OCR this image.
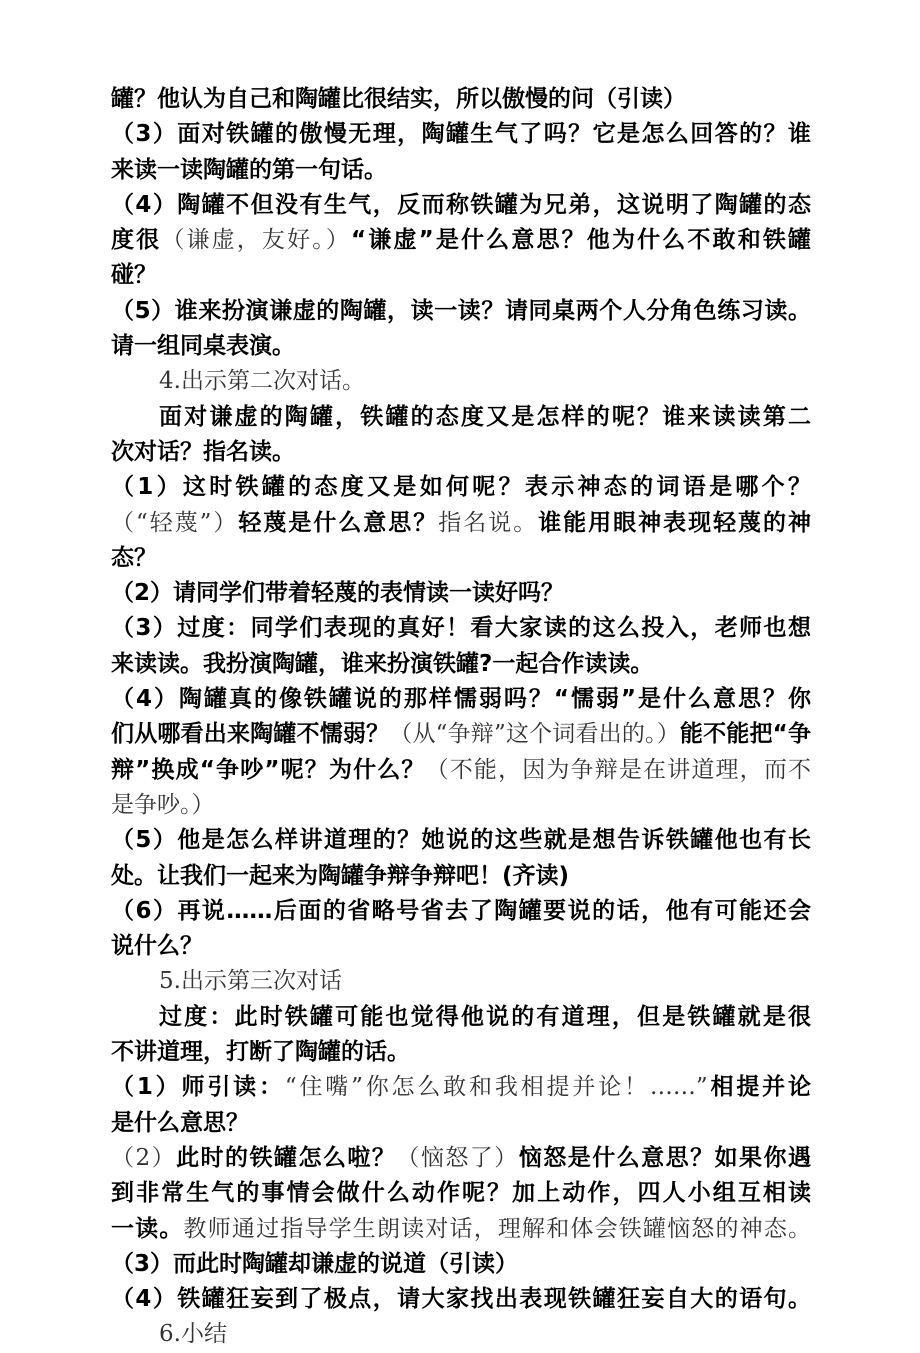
罐？他认为自己和陶罐比很结实，所以傲慢的问（引读）
（3）面对铁罐的傲慢无理，陶罐生气了吗？它是怎么回答的？谁
来读一读陶罐的第一句话。
（4）陶罐不但没有生气，反而称铁罐为兄弟，这说明了陶罐的态
度很（谦虚，友好。）“谦虚”是什么意思？他为什么不敢和铁罐
碰？
（5）谁来扮演谦虚的陶罐，读一读？请同桌两个人分角色练习读。
请一组同桌表演。
4.出示第二次对话。
面对谦虚的陶罐，铁罐的态度又是怎样的呢？谁来读读第二
次对话？指名读。
（1）这时铁罐的态度又是如何呢？表示神态的词语是哪个？
（“轻蔑”）轻蔑是什么意思？指名说。谁能用眼神表现轻蔑的神
态？
（2）请同学们带着轻蔑的表情读一读好吗？
（3）过度：同学们表现的真好！看大家读的这么投入，老师也想
来读读。我扮演陶罐，谁来扮演铁罐?一起合作读读。
（4）陶罐真的像铁罐说的那样懦弱吗？“懦弱”是什么意思？你
们从哪看出来陶罐不懦弱？（从“争辩”这个词看出的。）能不能把“争
辩”换成“争吵”呢？为什么？（不能，因为争辩是在讲道理，而不
是争吵。）
（5）他是怎么样讲道理的？她说的这些就是想告诉铁罐他也有长
处。让我们一起来为陶罐争辩争辩吧！(齐读)
（6）再说……后面的省略号省去了陶罐要说的话，他有可能还会
说什么？
5.出示第三次对话
过度：此时铁罐可能也觉得他说的有道理，但是铁罐就是很
不讲道理，打断了陶罐的话。
（1）师引读：“住嘴”你怎么敢和我相提并论！……”相提并论
是什么意思？
（2）此时的铁罐怎么啦？（恼怒了）恼怒是什么意思？如果你遇
到非常生气的事情会做什么动作呢？加上动作，四人小组互相读
一读。教师通过指导学生朗读对话，理解和体会铁罐恼怒的神态。
（3）而此时陶罐却谦虚的说道（引读）
（4）铁罐狂妄到了极点，请大家找出表现铁罐狂妄自大的语句。
6.小结
